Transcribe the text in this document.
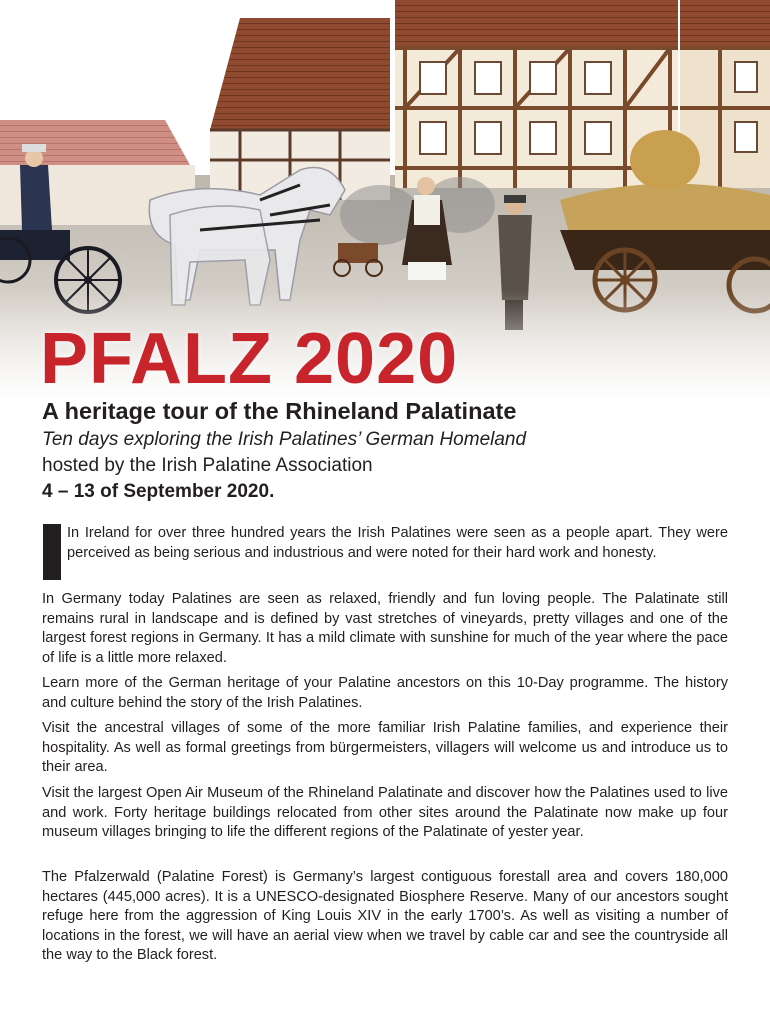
PFALZ 2020
A heritage tour of the Rhineland Palatinate

Ten days exploring the Irish Palatines’ German Homeland

hosted by the Irish Palatine Association

4 – 13 of September 2020.

In Ireland for over three hundred years the Irish Palatines were seen as a people apart. They were perceived as being serious and industrious and were noted for their hard work and honesty.

In Germany today Palatines are seen as relaxed, friendly and fun loving people. The Palatinate still remains rural in landscape and is defined by vast stretches of vineyards, pretty villages and one of the largest forest regions in Germany. It has a mild climate with sunshine for much of the year where the pace of life is a little more relaxed.

Learn more of the German heritage of your Palatine ancestors on this 10-Day programme. The history and culture behind the story of the Irish Palatines.

Visit the ancestral villages of some of the more familiar Irish Palatine families, and experience their hospitality. As well as formal greetings from bürgermeisters, villagers will welcome us and introduce us to their area.

Visit the largest Open Air Museum of the Rhineland Palatinate and discover how the Palatines used to live and work. Forty heritage buildings relocated from other sites around the Palatinate now make up four museum villages bringing to life the different regions of the Palatinate of yester year.

The Pfalzerwald (Palatine Forest) is Germany’s largest contiguous forestall area and covers 180,000 hectares (445,000 acres). It is a UNESCO-designated Biosphere Reserve. Many of our ancestors sought refuge here from the aggression of King Louis XIV in the early 1700’s. As well as visiting a number of locations in the forest, we will have an aerial view when we travel by cable car and see the countryside all the way to the Black forest.
